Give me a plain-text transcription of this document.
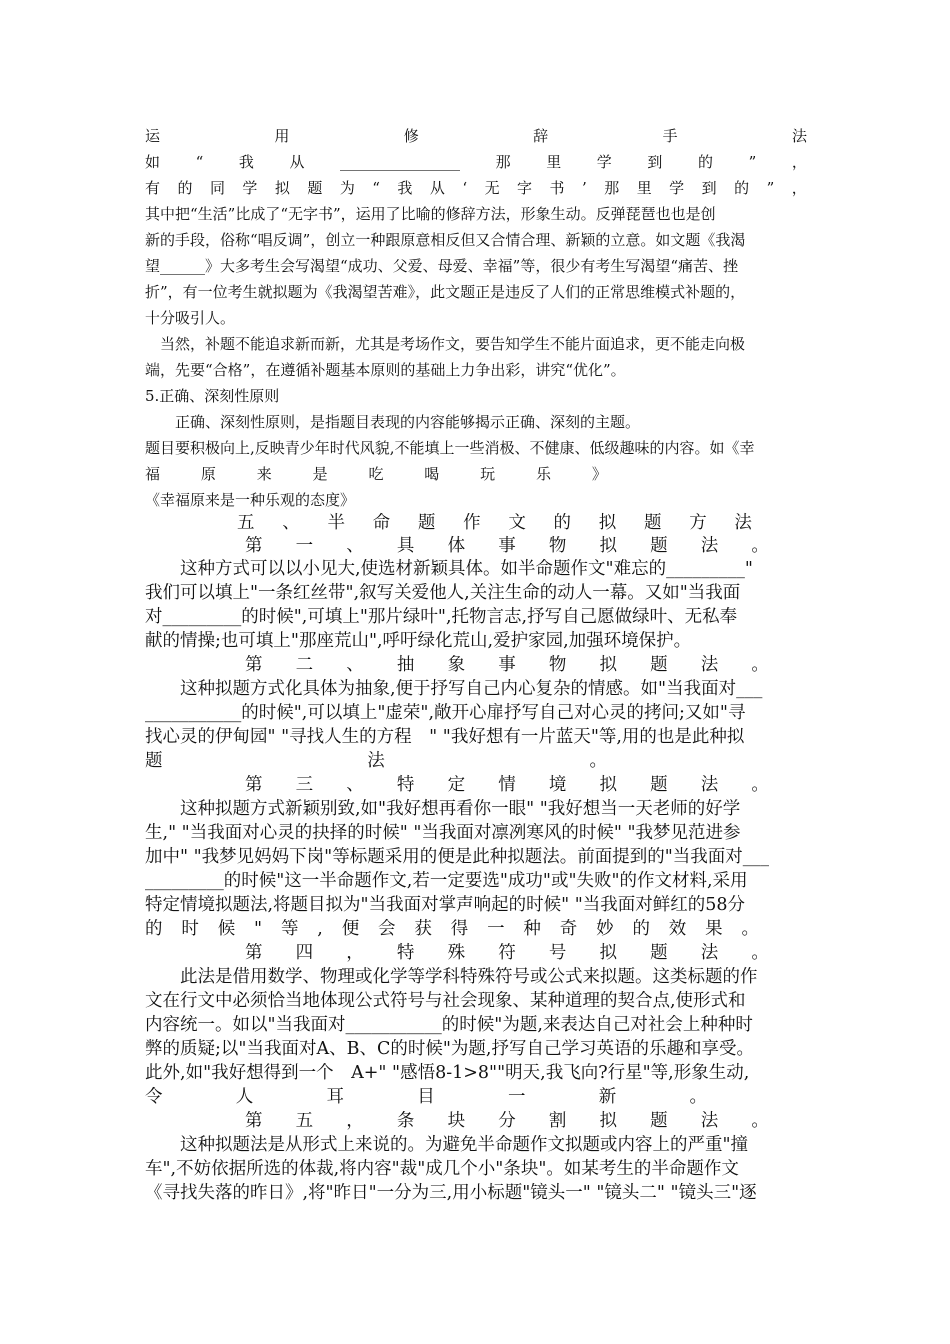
运	用	修	辞	手	法
如 “ 我 从 ________________ 那 里 学 到 的 ” ，
有 的 同 学 拟 题 为 “ 我 从 ‘ 无 字 书 ’ 那 里 学 到 的 ” ，
其中把“生活”比成了“无字书”，运用了比喻的修辞方法，形象生动。反弹琵琶也也是创
新的手段，俗称“唱反调”，创立一种跟原意相反但又合情合理、新颖的立意。如文题《我渴
望______》大多考生会写渴望“成功、父爱、母爱、幸福”等，很少有考生写渴望“痛苦、挫
折”，有一位考生就拟题为《我渴望苦难》，此文题正是违反了人们的正常思维模式补题的，
十分吸引人。
　当然，补题不能追求新而新，尤其是考场作文，要告知学生不能片面追求，更不能走向极
端，先要“合格”，在遵循补题基本原则的基础上力争出彩，讲究“优化”。
5.正确、深刻性原则
　　正确、深刻性原则，是指题目表现的内容能够揭示正确、深刻的主题。
题目要积极向上,反映青少年时代风貌,不能填上一些消极、不健康、低级趣味的内容。如《幸
福	原	来	是	吃	喝	玩	乐	》
《幸福原来是一种乐观的态度》
五 、 半 命 题 作 文 的 拟 题 方 法
第 一 、 具 体 事 物 拟 题 法 。
　　这种方式可以以小见大,使选材新颖具体。如半命题作文"难忘的_________"
我们可以填上"一条红丝带",叙写关爱他人,关注生命的动人一幕。又如"当我面
对_________的时候",可填上"那片绿叶",托物言志,抒写自己愿做绿叶、无私奉
献的情操;也可填上"那座荒山",呼吁绿化荒山,爱护家园,加强环境保护。
第 二 、 抽 象 事 物 拟 题 法 。
　　这种拟题方式化具体为抽象,便于抒写自己内心复杂的情感。如"当我面对___
___________的时候",可以填上"虚荣",敞开心扉抒写自己对心灵的拷问;又如"寻
找心灵的伊甸园" "寻找人生的方程　" "我好想有一片蓝天"等,用的也是此种拟
题	法	。
第 三 、 特 定 情 境 拟 题 法 。
　　这种拟题方式新颖别致,如"我好想再看你一眼" "我好想当一天老师的好学
生," "当我面对心灵的抉择的时候" "当我面对凛冽寒风的时候" "我梦见范进参
加中" "我梦见妈妈下岗"等标题采用的便是此种拟题法。前面提到的"当我面对___
_________的时候"这一半命题作文,若一定要选"成功"或"失败"的作文材料,采用
特定情境拟题法,将题目拟为"当我面对掌声响起的时候" "当我面对鲜红的58分
的 时 候 " 等 , 便 会 获 得 一 种 奇 妙 的 效 果 。
第 四 ， 特 殊 符 号 拟 题 法 。
　　此法是借用数学、物理或化学等学科特殊符号或公式来拟题。这类标题的作
文在行文中必须恰当地体现公式符号与社会现象、某种道理的契合点,使形式和
内容统一。如以"当我面对___________的时候"为题,来表达自己对社会上种种时
弊的质疑;以"当我面对A、B、C的时候"为题,抒写自己学习英语的乐趣和享受。
此外,如"我好想得到一个　A+" "感悟8-1>8""明天,我飞向?行星"等,形象生动,
令	人	耳	目	一	新	。
第 五 ， 条 块 分 割 拟 题 法 。
　　这种拟题法是从形式上来说的。为避免半命题作文拟题或内容上的严重"撞
车",不妨依据所选的体裁,将内容"裁"成几个小"条块"。如某考生的半命题作文
《寻找失落的昨日》,将"昨日"一分为三,用小标题"镜头一" "镜头二" "镜头三"逐
